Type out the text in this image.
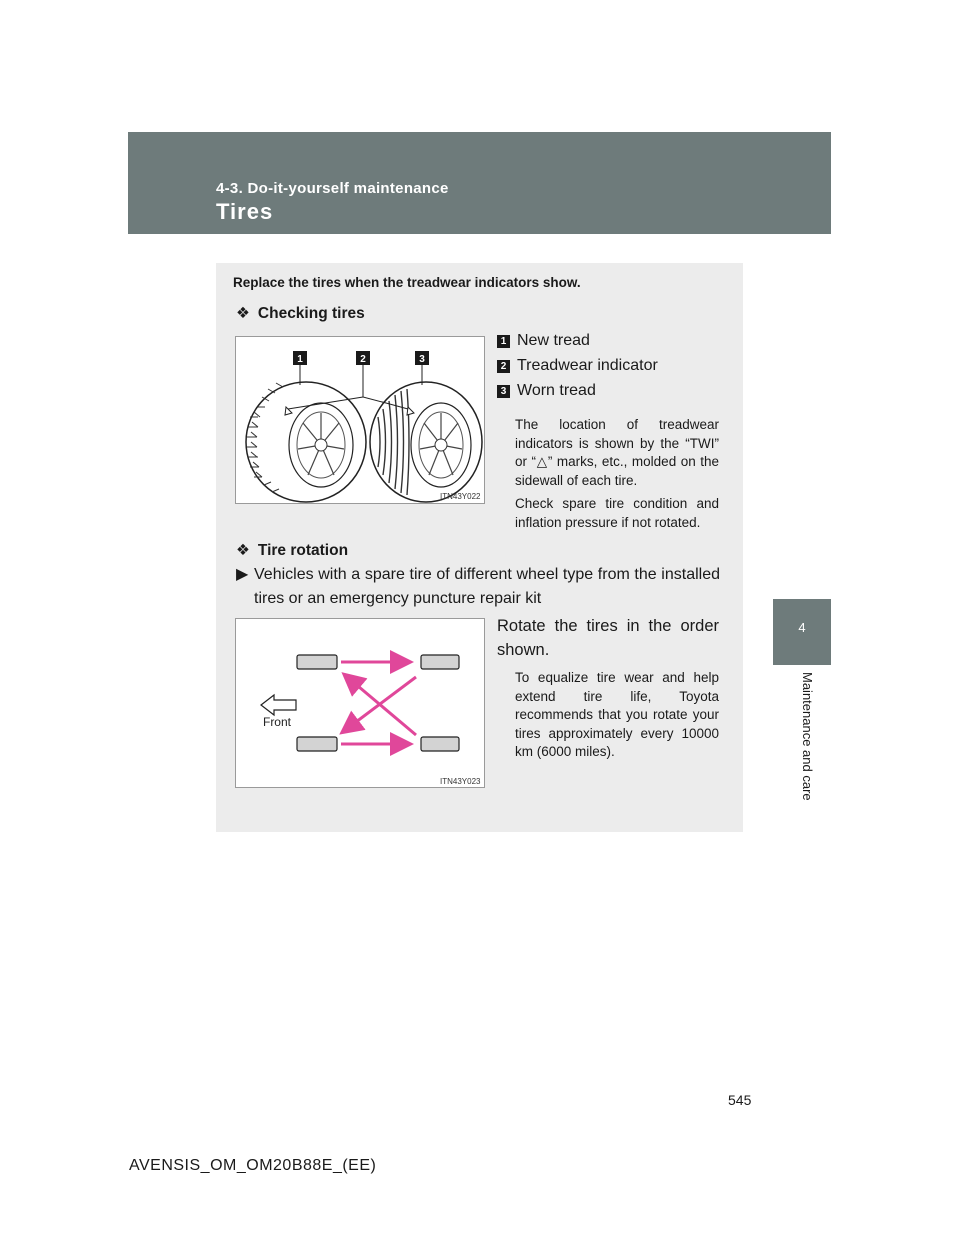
4-3. Do-it-yourself maintenance
Tires
4
Maintenance and care
Replace the tires when the treadwear indicators show.
❖ Checking tires
1	2	3
ITN43Y022
1 New tread
2 Treadwear indicator
3 Worn tread
The location of treadwear indicators is shown by the “TWI” or “△” marks, etc., molded on the sidewall of each tire.
Check spare tire condition and inflation pressure if not rotated.
❖ Tire rotation
▶ Vehicles with a spare tire of different wheel type from the installed tires or an emergency puncture repair kit
Front
ITN43Y023
Rotate the tires in the order shown.
To equalize tire wear and help extend tire life, Toyota recommends that you rotate your tires approximately every 10000 km (6000 miles).
545
AVENSIS_OM_OM20B88E_(EE)
